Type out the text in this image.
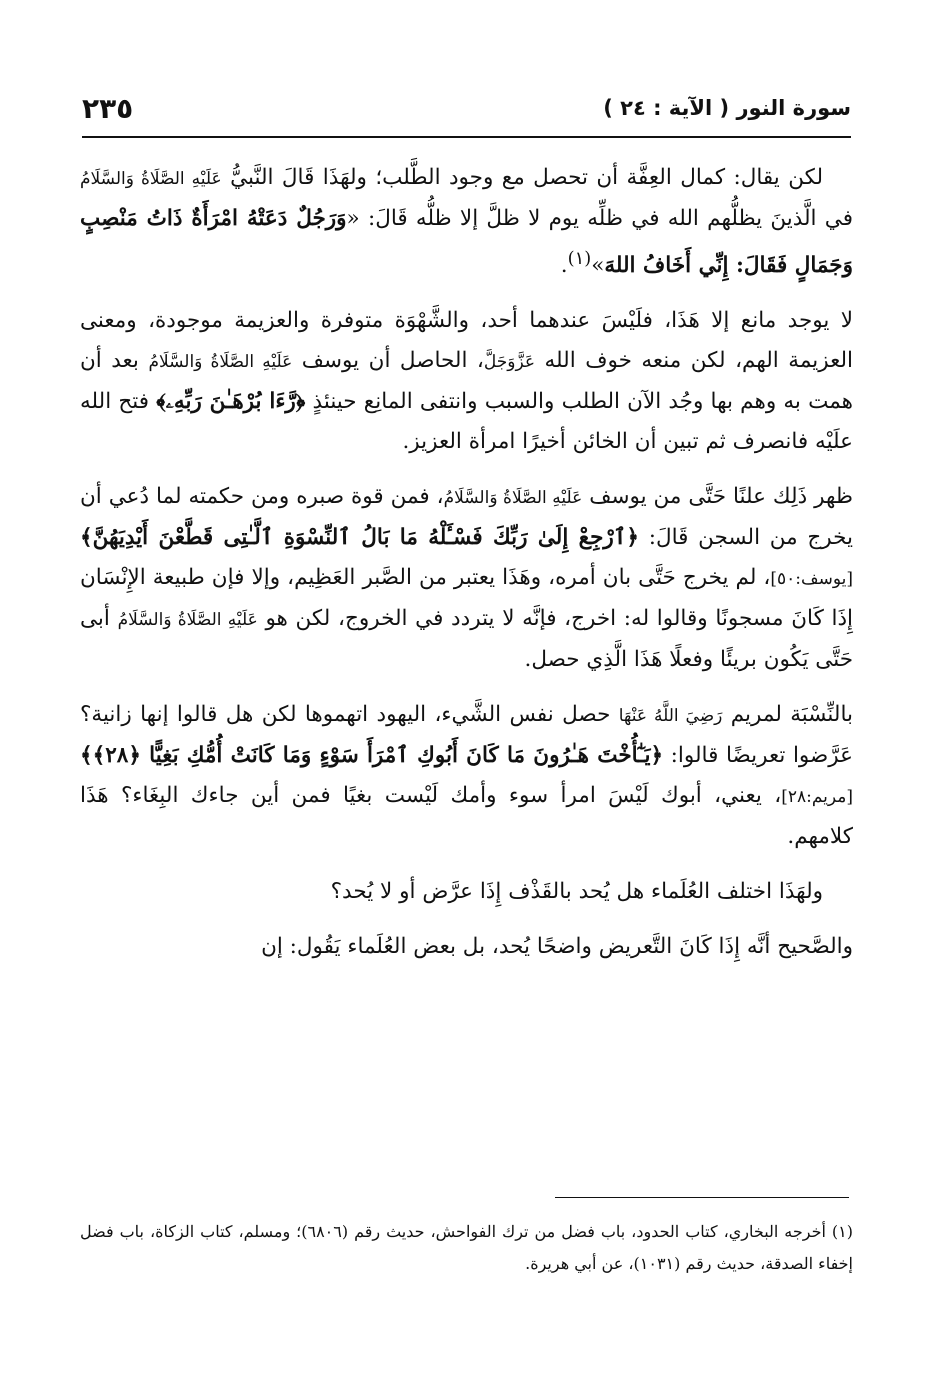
سورة النور ( الآية : ٢٤ )
٢٣٥

لكن يقال: كمال العِفَّة أن تحصل مع وجود الطَّلب؛ ولهَذَا قَالَ النَّبيُّ عَلَيْهِ الصَّلَاةُ وَالسَّلَامُ في الَّذينَ يظلُّهم الله في ظلِّه يوم لا ظلَّ إلا ظلُّه قَالَ: «وَرَجُلٌ دَعَتْهُ امْرَأَةٌ ذَاتُ مَنْصِبٍ وَجَمَالٍ فَقَالَ: إِنِّي أَخَافُ اللهَ»$^{(١)}$.

لا يوجد مانع إلا هَذَا، فلَيْسَ عندهما أحد، والشَّهْوَة متوفرة والعزيمة موجودة، ومعنى العزيمة الهم، لكن منعه خوف الله عَزَّوَجَلَّ، الحاصل أن يوسف عَلَيْهِ الصَّلَاةُ وَالسَّلَامُ بعد أن همت به وهم بها وجُد الآن الطلب والسبب وانتفى المانِع حينئذٍ ﴿رَّءَا بُرْهَـٰنَ رَبِّهِۦ﴾ فتح الله علَيْه فانصرف ثم تبين أن الخائن أخيرًا امرأة العزيز.

ظهر ذَلِك علنًا حَتَّى من يوسف عَلَيْهِ الصَّلَاةُ وَالسَّلَامُ، فمن قوة صبره ومن حكمته لما دُعي أن يخرج من السجن قَالَ: ﴿ٱرْجِعْ إِلَىٰ رَبِّكَ فَسْـَٔلْهُ مَا بَالُ ٱلنِّسْوَةِ ٱلَّـٰتِى قَطَّعْنَ أَيْدِيَهُنَّ﴾ [يوسف:٥٠]، لم يخرج حَتَّى بان أمره، وهَذَا يعتبر من الصَّبر العَظِيم، وإلا فإن طبيعة الإِنْسَان إِذَا كَانَ مسجونًا وقالوا له: اخرج، فإنَّه لا يتردد في الخروج، لكن هو عَلَيْهِ الصَّلَاةُ وَالسَّلَامُ أبى حَتَّى يَكُون بريئًا وفعلًا هَذَا الَّذِي حصل.

بالنِّسْبَة لمريم رَضِيَ اللَّهُ عَنْهَا حصل نفس الشَّيء، اليهود اتهموها لكن هل قالوا إنها زانية؟ عَرَّضوا تعريضًا قالوا: ﴿يَـٰٓأُخْتَ هَـٰرُونَ مَا كَانَ أَبُوكِ ٱمْرَأَ سَوْءٍ وَمَا كَانَتْ أُمُّكِ بَغِيًّا ﴿٢٨﴾﴾ [مريم:٢٨]، يعني، أبوك لَيْسَ امرأ سوء وأمك لَيْست بغيًا فمن أين جاءك البِغَاء؟ هَذَا كلامهم.

ولهَذَا اختلف العُلَماء هل يُحد بالقَذْف إِذَا عرَّض أو لا يُحد؟

والصَّحيح أنَّه إِذَا كَانَ التَّعريض واضحًا يُحد، بل بعض العُلَماء يَقُول: إن

(١) أخرجه البخاري، كتاب الحدود، باب فضل من ترك الفواحش، حديث رقم (٦٨٠٦)؛ ومسلم، كتاب الزكاة، باب فضل إخفاء الصدقة، حديث رقم (١٠٣١)، عن أبي هريرة.
